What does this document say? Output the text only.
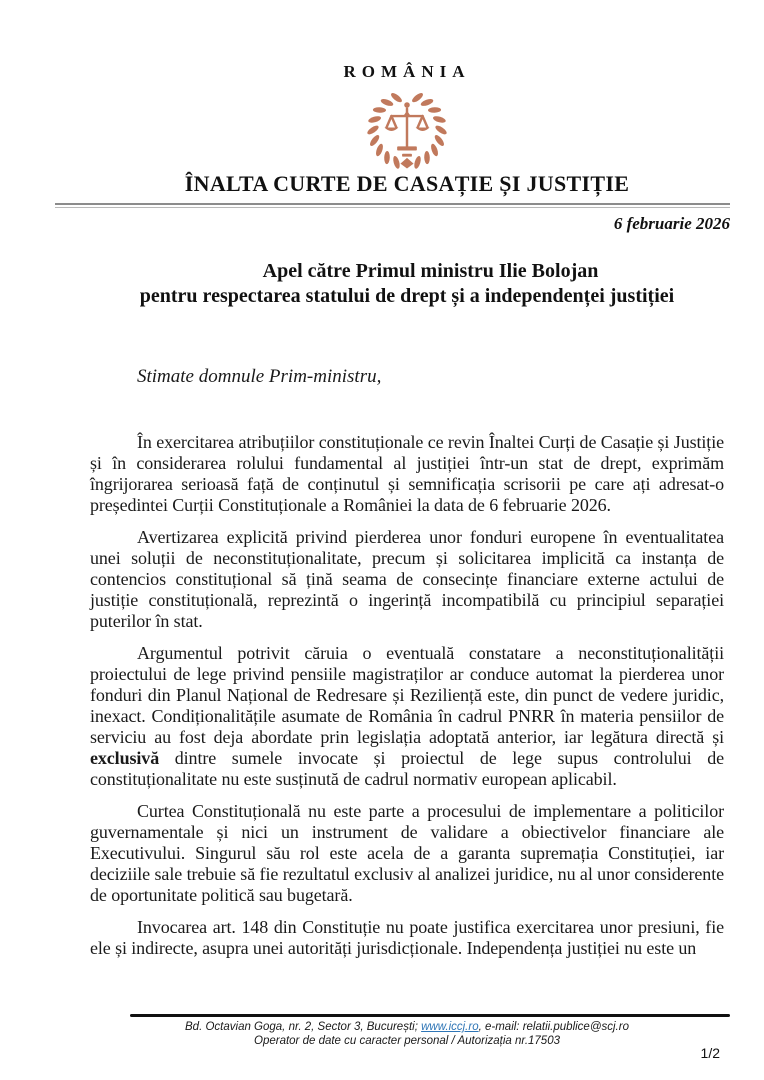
ROMÂNIA
ÎNALTA CURTE DE CASAȚIE ȘI JUSTIȚIE
6 februarie 2026
Apel către Primul ministru Ilie Bolojan
pentru respectarea statului de drept și a independenței justiției
Stimate domnule Prim-ministru,

În exercitarea atribuțiilor constituționale ce revin Înaltei Curți de Casație și Justiție și în considerarea rolului fundamental al justiției într-un stat de drept, exprimăm îngrijorarea serioasă față de conținutul și semnificația scrisorii pe care ați adresat-o președintei Curții Constituționale a României la data de 6 februarie 2026.

Avertizarea explicită privind pierderea unor fonduri europene în eventualitatea unei soluții de neconstituționalitate, precum și solicitarea implicită ca instanța de contencios constituțional să țină seama de consecințe financiare externe actului de justiție constituțională, reprezintă o ingerință incompatibilă cu principiul separației puterilor în stat.

Argumentul potrivit căruia o eventuală constatare a neconstituționalității proiectului de lege privind pensiile magistraților ar conduce automat la pierderea unor fonduri din Planul Național de Redresare și Reziliență este, din punct de vedere juridic, inexact. Condiționalitățile asumate de România în cadrul PNRR în materia pensiilor de serviciu au fost deja abordate prin legislația adoptată anterior, iar legătura directă și exclusivă dintre sumele invocate și proiectul de lege supus controlului de constituționalitate nu este susținută de cadrul normativ european aplicabil.

Curtea Constituțională nu este parte a procesului de implementare a politicilor guvernamentale și nici un instrument de validare a obiectivelor financiare ale Executivului. Singurul său rol este acela de a garanta supremația Constituției, iar deciziile sale trebuie să fie rezultatul exclusiv al analizei juridice, nu al unor considerente de oportunitate politică sau bugetară.

Invocarea art. 148 din Constituție nu poate justifica exercitarea unor presiuni, fie ele și indirecte, asupra unei autorități jurisdicționale. Independența justiției nu este un

Bd. Octavian Goga, nr. 2, Sector 3, București; www.iccj.ro, e-mail: relatii.publice@scj.ro
Operator de date cu caracter personal / Autorizația nr.17503
1/2
